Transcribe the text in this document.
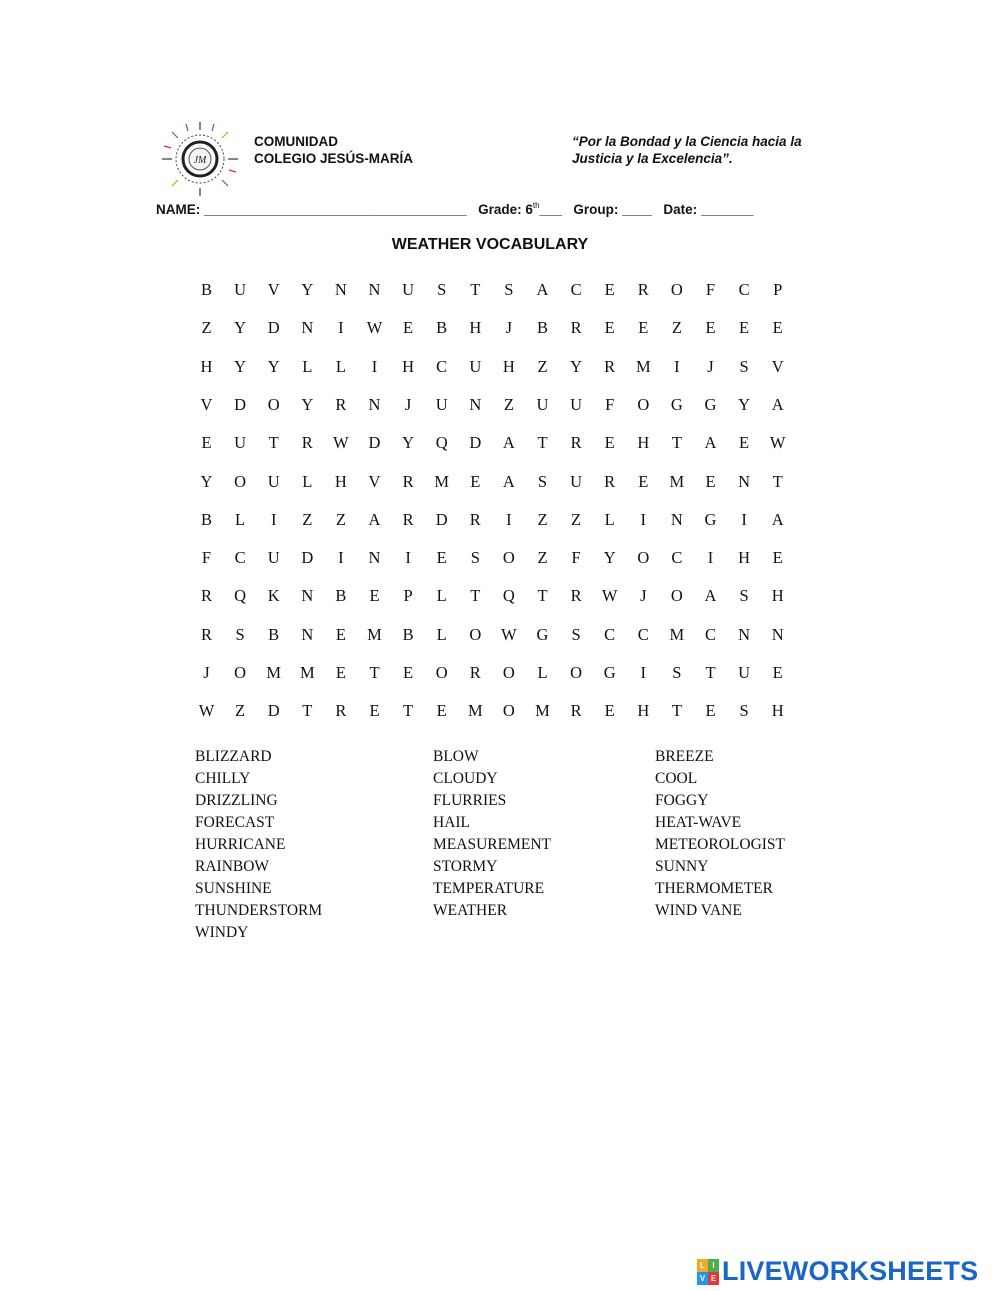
JM
COMUNIDAD
COLEGIO JESÚS-MARÍA
“Por la Bondad y la Ciencia hacia la
Justicia y la Excelencia”.
NAME: ___________________________________ Grade: 6th___ Group: ____ Date: _______
WEATHER VOCABULARY
B	U	V	Y	N	N	U	S	T	S	A	C	E	R	O	F	C	P
Z	Y	D	N	I	W	E	B	H	J	B	R	E	E	Z	E	E	E
H	Y	Y	L	L	I	H	C	U	H	Z	Y	R	M	I	J	S	V
V	D	O	Y	R	N	J	U	N	Z	U	U	F	O	G	G	Y	A
E	U	T	R	W	D	Y	Q	D	A	T	R	E	H	T	A	E	W
Y	O	U	L	H	V	R	M	E	A	S	U	R	E	M	E	N	T
B	L	I	Z	Z	A	R	D	R	I	Z	Z	L	I	N	G	I	A
F	C	U	D	I	N	I	E	S	O	Z	F	Y	O	C	I	H	E
R	Q	K	N	B	E	P	L	T	Q	T	R	W	J	O	A	S	H
R	S	B	N	E	M	B	L	O	W	G	S	C	C	M	C	N	N
J	O	M	M	E	T	E	O	R	O	L	O	G	I	S	T	U	E
W	Z	D	T	R	E	T	E	M	O	M	R	E	H	T	E	S	H
BLIZZARD
CHILLY
DRIZZLING
FORECAST
HURRICANE
RAINBOW
SUNSHINE
THUNDERSTORM
WINDY
BLOW
CLOUDY
FLURRIES
HAIL
MEASUREMENT
STORMY
TEMPERATURE
WEATHER
BREEZE
COOL
FOGGY
HEAT-WAVE
METEOROLOGIST
SUNNY
THERMOMETER
WIND VANE
L I
V E LIVEWORKSHEETS
